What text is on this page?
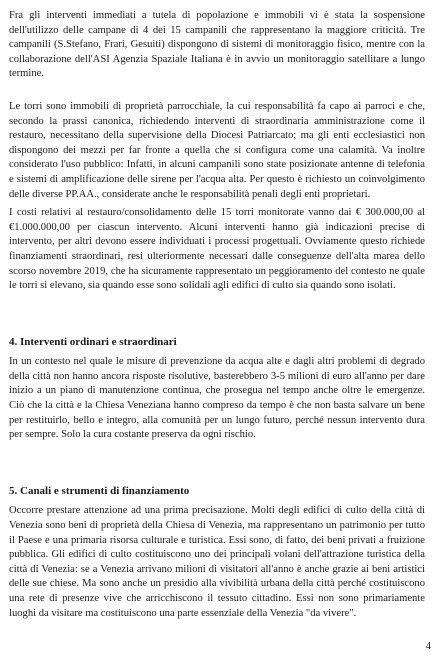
Fra gli interventi immediati a tutela di popolazione e immobili vi è stata la sospensione dell'utilizzo delle campane di 4 dei 15 campanili che rappresentano la maggiore criticità. Tre campanili (S.Stefano, Frari, Gesuiti) dispongono di sistemi di monitoraggio fisico, mentre con la collaborazione dell'ASI Agenzia Spaziale Italiana è in avvio un monitoraggio satellitare a lungo termine.

Le torri sono immobili di proprietà parrocchiale, la cui responsabilità fa capo ai parroci e che, secondo la prassi canonica, richiedendo interventi di straordinaria amministrazione come il restauro, necessitano della supervisione della Diocesi Patriarcato; ma gli enti ecclesiastici non dispongono dei mezzi per far fronte a quella che si configura come una calamità. Va inoltre considerato l'uso pubblico: Infatti, in alcuni campanili sono state posizionate antenne di telefonia e sistemi di amplificazione delle sirene per l'acqua alta. Per questo è richiesto un coinvolgimento delle diverse PP.AA., considerate anche le responsabilità penali degli enti proprietari.

I costi relativi al restauro/consolidamento delle 15 torri monitorate vanno dai € 300.000,00 al €1.000.000,00 per ciascun intervento. Alcuni interventi hanno già indicazioni precise di intervento, per altri devono essere individuati i processi progettuali. Ovviamente questo richiede finanziamenti straordinari, resi ulteriormente necessari dalle conseguenze dell'alta marea dello scorso novembre 2019, che ha sicuramente rappresentato un peggioramento del contesto ne quale le torri si elevano, sia quando esse sono solidali agli edifici di culto sia quando sono isolati.

4. Interventi ordinari e straordinari

In un contesto nel quale le misure di prevenzione da acqua alte e dagli altri problemi di degrado della città non hanno ancora risposte risolutive, basterebbero 3-5 milioni di euro all'anno per dare inizio a un piano di manutenzione continua, che prosegua nel tempo anche oltre le emergenze. Ciò che la città e la Chiesa Veneziana hanno compreso da tempo è che non basta salvare un bene per restituirlo, bello e integro, alla comunità per un lungo futuro, perché nessun intervento dura per sempre. Solo la cura costante preserva da ogni rischio.

5. Canali e strumenti di finanziamento

Occorre prestare attenzione ad una prima precisazione. Molti degli edifici di culto della città di Venezia sono beni di proprietà della Chiesa di Venezia, ma rappresentano un patrimonio per tutto il Paese e una primaria risorsa culturale e turistica. Essi sono, di fatto, dei beni privati a fruizione pubblica. Gli edifici di culto costituiscono uno dei principali volani dell'attrazione turistica della città di Venezia: se a Venezia arrivano milioni di visitatori all'anno è anche grazie ai beni artistici delle sue chiese. Ma sono anche un presidio alla vivibilità urbana della città perché costituiscono una rete di presenze vive che arricchiscono il tessuto cittadino. Essi non sono primariamente luoghi da visitare ma costituiscono una parte essenziale della Venezia "da vivere".

4
